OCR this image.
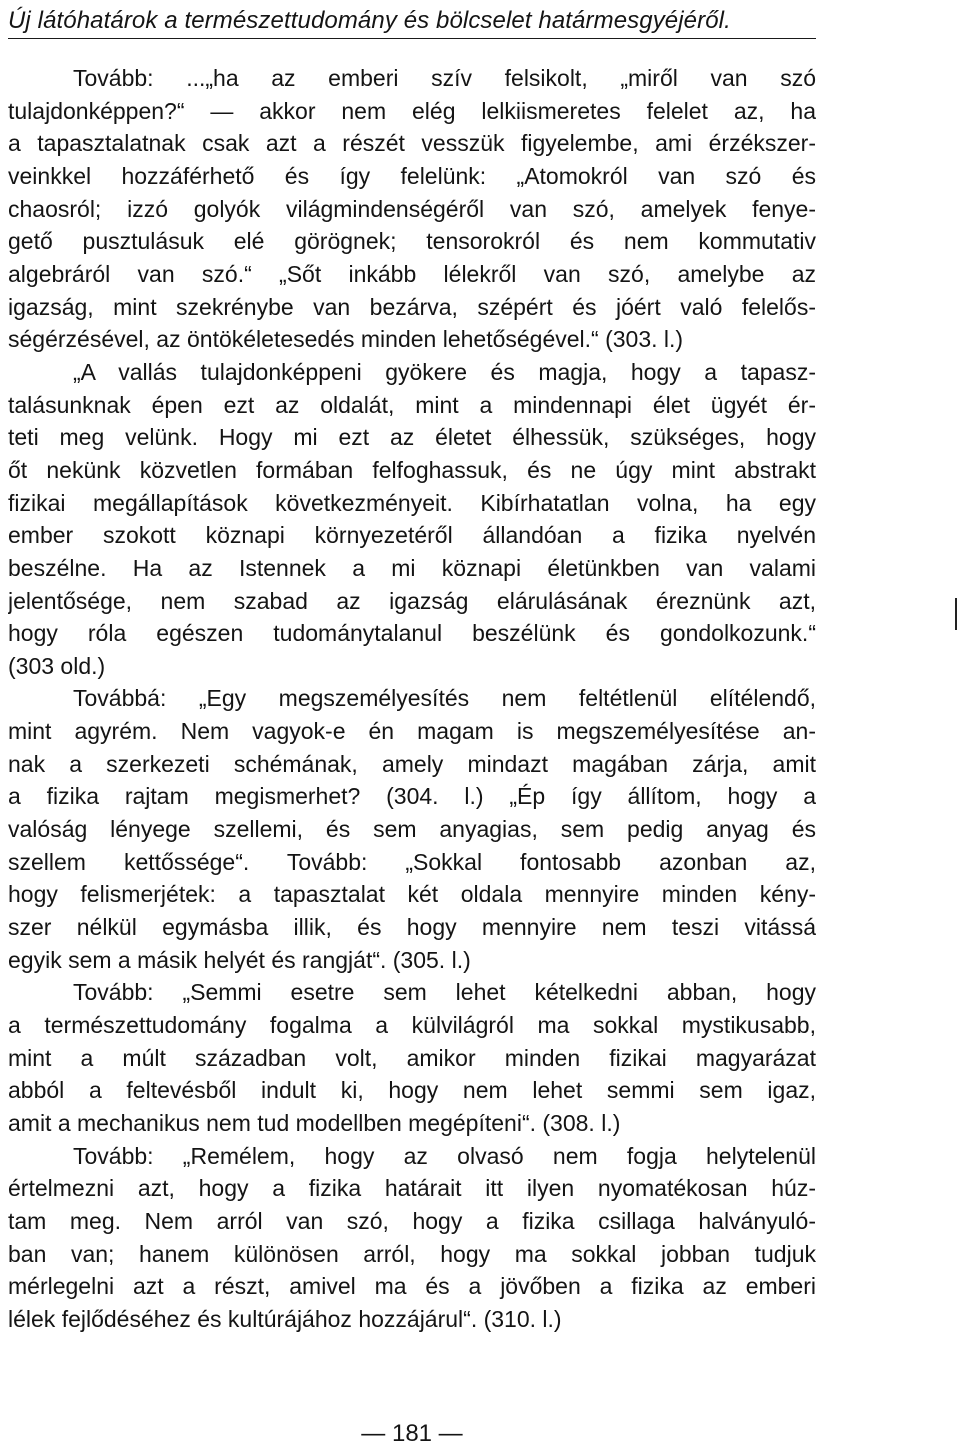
Új látóhatárok a természettudomány és bölcselet határmesgyéjéről.
Tovább: ...„ha az emberi szív felsikolt, „miről van szó
tulajdonképpen?“ — akkor nem elég lelkiismeretes felelet az, ha
a tapasztalatnak csak azt a részét vesszük figyelembe, ami érzékszer-
veinkkel hozzáférhető és így felelünk: „Atomokról van szó és
chaosról; izzó golyók világmindenségéről van szó, amelyek fenye-
gető pusztulásuk elé görögnek; tensorokról és nem kommutativ
algebráról van szó.“ „Sőt inkább lélekről van szó, amelybe az
igazság, mint szekrénybe van bezárva, szépért és jóért való felelős-
ségérzésével, az öntökéletesedés minden lehetőségével.“ (303. l.)
„A vallás tulajdonképpeni gyökere és magja, hogy a tapasz-
talásunknak épen ezt az oldalát, mint a mindennapi élet ügyét ér-
teti meg velünk. Hogy mi ezt az életet élhessük, szükséges, hogy
őt nekünk közvetlen formában felfoghassuk, és ne úgy mint abstrakt
fizikai megállapítások következményeit. Kibírhatatlan volna, ha egy
ember szokott köznapi környezetéről állandóan a fizika nyelvén
beszélne. Ha az Istennek a mi köznapi életünkben van valami
jelentősége, nem szabad az igazság elárulásának éreznünk azt,
hogy róla egészen tudománytalanul beszélünk és gondolkozunk.“
(303 old.)
Továbbá: „Egy megszemélyesítés nem feltétlenül elítélendő,
mint agyrém. Nem vagyok-e én magam is megszemélyesítése an-
nak a szerkezeti schémának, amely mindazt magában zárja, amit
a fizika rajtam megismerhet? (304. l.) „Ép így állítom, hogy a
valóság lényege szellemi, és sem anyagias, sem pedig anyag és
szellem kettőssége“. Tovább: „Sokkal fontosabb azonban az,
hogy felismerjétek: a tapasztalat két oldala mennyire minden kény-
szer nélkül egymásba illik, és hogy mennyire nem teszi vitássá
egyik sem a másik helyét és rangját“. (305. l.)
Tovább: „Semmi esetre sem lehet kételkedni abban, hogy
a természettudomány fogalma a külvilágról ma sokkal mystikusabb,
mint a múlt században volt, amikor minden fizikai magyarázat
abból a feltevésből indult ki, hogy nem lehet semmi sem igaz,
amit a mechanikus nem tud modellben megépíteni“. (308. l.)
Tovább: „Remélem, hogy az olvasó nem fogja helytelenül
értelmezni azt, hogy a fizika határait itt ilyen nyomatékosan húz-
tam meg. Nem arról van szó, hogy a fizika csillaga halványuló-
ban van; hanem különösen arról, hogy ma sokkal jobban tudjuk
mérlegelni azt a részt, amivel ma és a jövőben a fizika az emberi
lélek fejlődéséhez és kultúrájához hozzájárul“. (310. l.)
— 181 —
